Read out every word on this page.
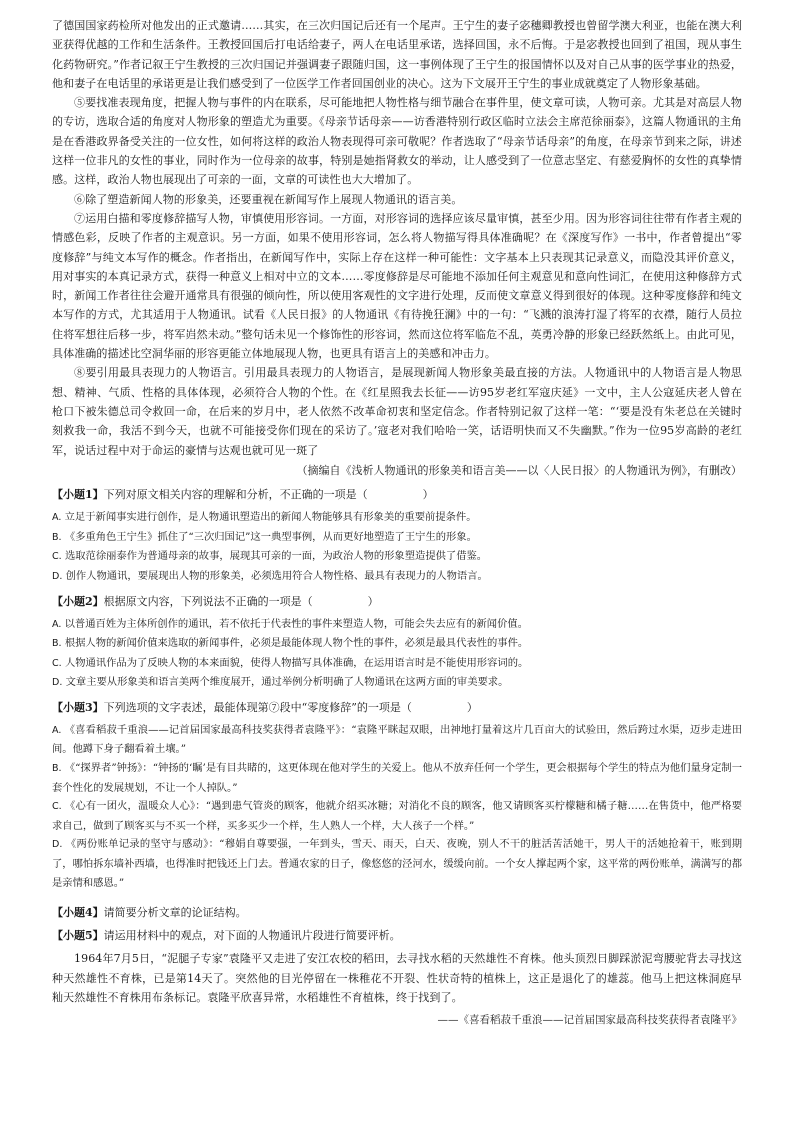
了德国国家药检所对他发出的正式邀请……其实，在三次归国记后还有一个尾声。王宁生的妻子宓穗卿教授也曾留学澳大利亚，也能在澳大利亚获得优越的工作和生活条件。王教授回国后打电话给妻子，两人在电话里承诺，选择回国，永不后悔。于是宓教授也回到了祖国，现从事生化药物研究。”作者记叙王宁生教授的三次归国记并强调妻子跟随归国，这一事例体现了王宁生的报国情怀以及对自己从事的医学事业的热爱，他和妻子在电话里的承诺更是让我们感受到了一位医学工作者回国创业的决心。这为下文展开王宁生的事业成就奠定了人物形象基础。

⑤要找准表现角度，把握人物与事件的内在联系，尽可能地把人物性格与细节融合在事件里，使文章可读，人物可亲。尤其是对高层人物的专访，选取合适的角度对人物形象的塑造尤为重要。《母亲节话母亲——访香港特别行政区临时立法会主席范徐丽泰》，这篇人物通讯的主角是在香港政界备受关注的一位女性，如何将这样的政治人物表现得可亲可敬呢？作者选取了“母亲节话母亲”的角度，在母亲节到来之际，讲述这样一位非凡的女性的事业，同时作为一位母亲的故事，特别是她指肾救女的举动，让人感受到了一位意志坚定、有慈爱胸怀的女性的真挚情感。这样，政治人物也展现出了可亲的一面，文章的可读性也大大增加了。

⑥除了塑造新闻人物的形象美，还要重视在新闻写作上展现人物通讯的语言美。

⑦运用白描和零度修辞描写人物，审慎使用形容词。一方面，对形容词的选择应该尽量审慎，甚至少用。因为形容词往往带有作者主观的情感色彩，反映了作者的主观意识。另一方面，如果不使用形容词，怎么将人物描写得具体准确呢？在《深度写作》一书中，作者曾提出“零度修辞”与纯文本写作的概念。作者指出，在新闻写作中，实际上存在这样一种可能性：文字基本上只表现其记录意义，而隐没其评价意义，用对事实的本真记录方式，获得一种意义上相对中立的文本……零度修辞是尽可能地不添加任何主观意见和意向性词汇，在使用这种修辞方式时，新闻工作者往往会避开通常具有很强的倾向性，所以使用客观性的文字进行处理，反而使文章意义得到很好的体现。这种零度修辞和纯文本写作的方式，尤其适用于人物通讯。试看《人民日报》的人物通讯《有待挽狂澜》中的一句：“飞溅的浪涛打湿了将军的衣襟，随行人员拉住将军想往后移一步，将军岿然未动。”整句话未见一个修饰性的形容词，然而这位将军临危不乱，英勇冷静的形象已经跃然纸上。由此可见，具体准确的描述比空洞华丽的形容更能立体地展现人物，也更具有语言上的美感和冲击力。

⑧要引用最具表现力的人物语言。引用最具表现力的人物语言，是展现新闻人物形象美最直接的方法。人物通讯中的人物语言是人物思想、精神、气质、性格的具体体现，必须符合人物的个性。在《红星照我去长征——访95岁老红军寇庆延》一文中，主人公寇延庆老人曾在枪口下被朱德总司令救回一命，在后来的岁月中，老人依然不改革命初衷和坚定信念。作者特别记叙了这样一笔：“‘要是没有朱老总在关键时刻救我一命，我活不到今天，也就不可能接受你们现在的采访了。’寇老对我们哈哈一笑，话语明快而又不失幽默。”作为一位95岁高龄的老红军，说话过程中对于命运的豪情与达观也就可见一斑了

（摘编自《浅析人物通讯的形象美和语言美——以〈人民日报〉的人物通讯为例》，有删改）

【小题1】下列对原文相关内容的理解和分析，不正确的一项是（　　　　　）

A. 立足于新闻事实进行创作，是人物通讯塑造出的新闻人物能够具有形象美的重要前提条件。

B. 《多重角色王宁生》抓住了“三次归国记”这一典型事例，从而更好地塑造了王宁生的形象。

C. 选取范徐丽泰作为普通母亲的故事，展现其可亲的一面，为政治人物的形象塑造提供了借鉴。

D. 创作人物通讯，要展现出人物的形象美，必须选用符合人物性格、最具有表现力的人物语言。

【小题2】根据原文内容，下列说法不正确的一项是（　　　　　）

A. 以普通百姓为主体所创作的通讯，若不依托于代表性的事件来塑造人物，可能会失去应有的新闻价值。

B. 根据人物的新闻价值来选取的新闻事件，必须是最能体现人物个性的事件，必须是最具代表性的事件。

C. 人物通讯作品为了反映人物的本来面貌，使得人物描写具体准确，在运用语言时是不能使用形容词的。

D. 文章主要从形象美和语言美两个维度展开，通过举例分析明确了人物通讯在这两方面的审美要求。

【小题3】下列选项的文字表述，最能体现第⑦段中“零度修辞”的一项是（　　　　　）

A. 《喜看稻菽千重浪——记首届国家最高科技奖获得者袁隆平》：“袁隆平眯起双眼，出神地打量着这片几百亩大的试验田，然后跨过水渠，迈步走进田间。他蹲下身子翻看着土壤。”

B. 《“探界者”钟扬》：“钟扬的‘瞩’是有目共睹的，这更体现在他对学生的关爱上。他从不放弃任何一个学生，更会根据每个学生的特点为他们量身定制一套个性化的发展规划，不让一个人掉队。”

C. 《心有一团火，温暖众人心》：“遇到患气管炎的顾客，他就介绍买冰糖；对消化不良的顾客，他又请顾客买柠檬糖和橘子糖……在售货中，他严格要求自己，做到了顾客买与不买一个样，买多买少一个样，生人熟人一个样，大人孩子一个样。”

D. 《两份账单记录的坚守与感动》：“穆娟自尊要强，一年到头，雪天、雨天，白天、夜晚，别人不干的脏活苦活她干，男人干的活她抢着干，账到期了，哪怕拆东墙补西墙，也得准时把钱还上门去。普通农家的日子，像悠悠的泾河水，缓缓向前。一个女人撑起两个家，这平常的两份账单，满满写的都是亲情和感恩。”

【小题4】请简要分析文章的论证结构。

【小题5】请运用材料中的观点，对下面的人物通讯片段进行简要评析。

1964年7月5日，“泥腿子专家”袁隆平又走进了安江农校的稻田，去寻找水稻的天然雄性不育株。他头顶烈日脚踩淤泥弯腰驼背去寻找这种天然雄性不育株，已是第14天了。突然他的目光停留在一株稚花不开裂、性状奇特的植株上，这正是退化了的雄蕊。他马上把这株洞庭早籼天然雄性不育株用布条标记。袁隆平欣喜异常，水稻雄性不育植株，终于找到了。

——《喜看稻菽千重浪——记首届国家最高科技奖获得者袁隆平》
